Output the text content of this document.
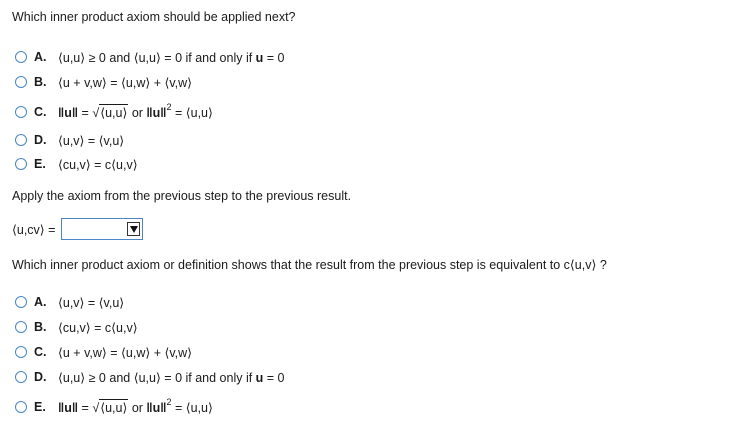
Which inner product axiom should be applied next?
A. ⟨u,u⟩ ≥ 0 and ⟨u,u⟩ = 0 if and only if u = 0
B. ⟨u + v,w⟩ = ⟨u,w⟩ + ⟨v,w⟩
C. ‖u‖ = √⟨u,u⟩ or ‖u‖$^2$ = ⟨u,u⟩
D. ⟨u,v⟩ = ⟨v,u⟩
E. ⟨cu,v⟩ = c⟨u,v⟩
Apply the axiom from the previous step to the previous result.
⟨u,cv⟩ =
Which inner product axiom or definition shows that the result from the previous step is equivalent to c⟨u,v⟩ ?
A. ⟨u,v⟩ = ⟨v,u⟩
B. ⟨cu,v⟩ = c⟨u,v⟩
C. ⟨u + v,w⟩ = ⟨u,w⟩ + ⟨v,w⟩
D. ⟨u,u⟩ ≥ 0 and ⟨u,u⟩ = 0 if and only if u = 0
E. ‖u‖ = √⟨u,u⟩ or ‖u‖$^2$ = ⟨u,u⟩
